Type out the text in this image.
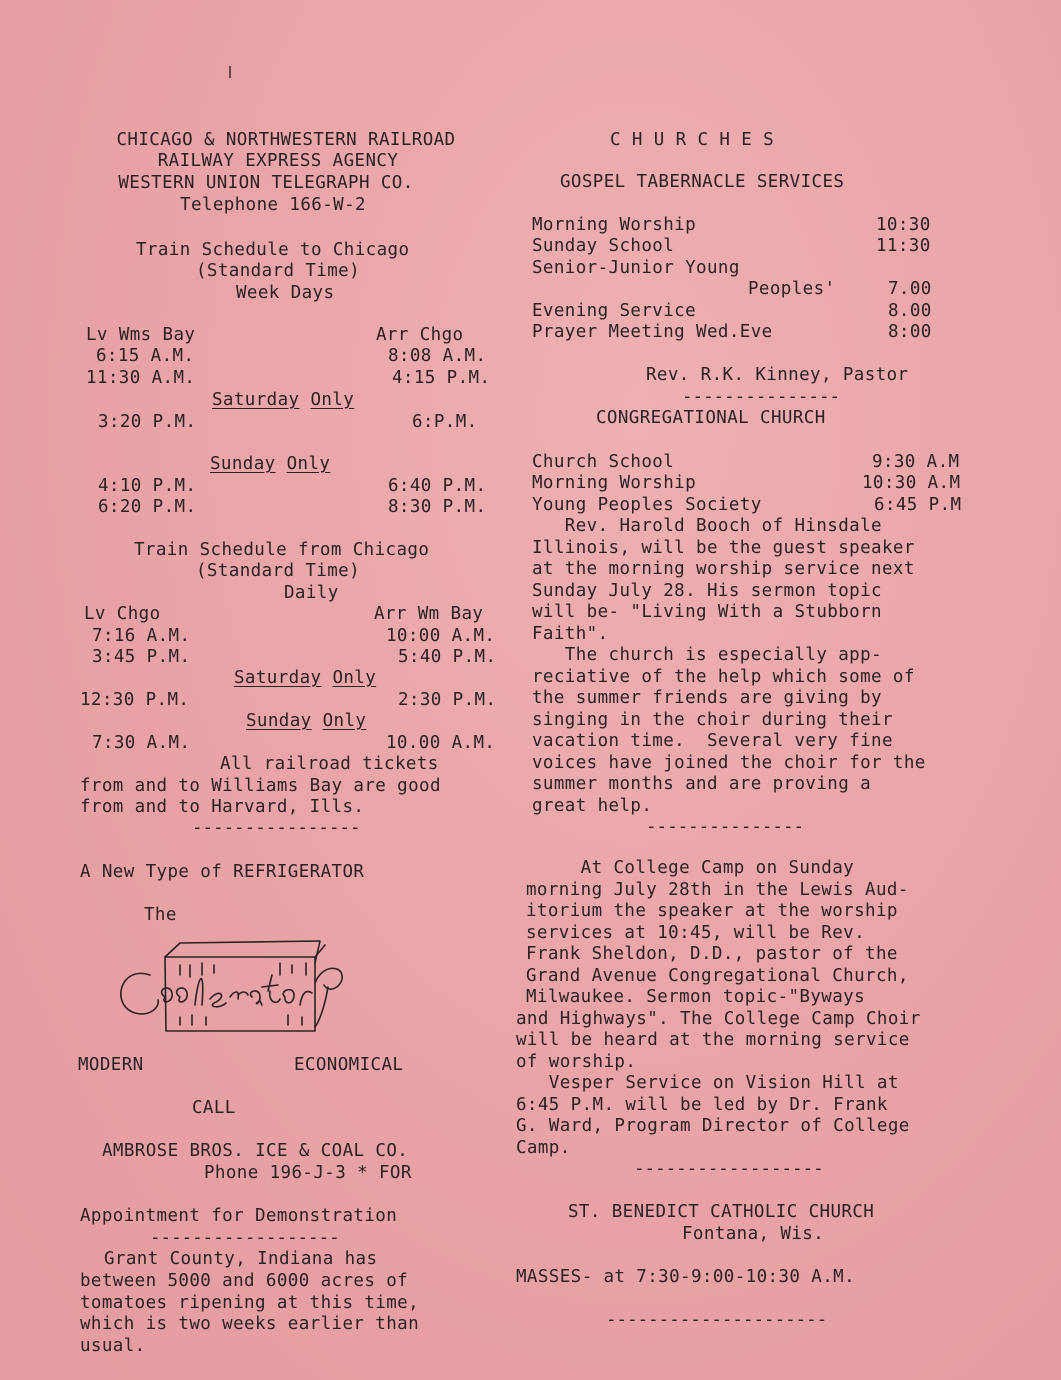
CHICAGO & NORTHWESTERN RAILROAD
RAILWAY EXPRESS AGENCY
WESTERN UNION TELEGRAPH CO.
Telephone 166-W-2
Train Schedule to Chicago
(Standard Time)
Week Days
Lv Wms Bay	Arr Chgo
6:15 A.M.	8:08 A.M.
11:30 A.M.	4:15 P.M.
Saturday Only
3:20 P.M.	6:P.M.
Sunday Only
4:10 P.M.	6:40 P.M.
6:20 P.M.	8:30 P.M.
Train Schedule from Chicago
(Standard Time)
Daily
Lv Chgo	Arr Wm Bay
7:16 A.M.	10:00 A.M.
3:45 P.M.	5:40 P.M.
Saturday Only
12:30 P.M.	2:30 P.M.
Sunday Only
7:30 A.M.	10.00 A.M.
All railroad tickets
from and to Williams Bay are good
from and to Harvard, Ills.
----------------
A New Type of REFRIGERATOR
The
MODERN	ECONOMICAL
CALL
AMBROSE BROS. ICE & COAL CO.
Phone 196-J-3 * FOR
Appointment for Demonstration
------------------
Grant County, Indiana has
between 5000 and 6000 acres of
tomatoes ripening at this time,
which is two weeks earlier than
usual.
C H U R C H E S
GOSPEL TABERNACLE SERVICES
Morning Worship	10:30
Sunday School	11:30
Senior-Junior Young
Peoples'	7.00
Evening Service	8.00
Prayer Meeting Wed.Eve	8:00
Rev. R.K. Kinney, Pastor
---------------
CONGREGATIONAL CHURCH
Church School	9:30 A.M
Morning Worship	10:30 A.M
Young Peoples Society	6:45 P.M
Rev. Harold Booch of Hinsdale
Illinois, will be the guest speaker
at the morning worship service next
Sunday July 28. His sermon topic
will be- "Living With a Stubborn
Faith".
The church is especially app-
reciative of the help which some of
the summer friends are giving by
singing in the choir during their
vacation time.  Several very fine
voices have joined the choir for the
summer months and are proving a
great help.
---------------
At College Camp on Sunday
morning July 28th in the Lewis Aud-
itorium the speaker at the worship
services at 10:45, will be Rev.
Frank Sheldon, D.D., pastor of the
Grand Avenue Congregational Church,
Milwaukee. Sermon topic-"Byways
and Highways". The College Camp Choir
will be heard at the morning service
of worship.
Vesper Service on Vision Hill at
6:45 P.M. will be led by Dr. Frank
G. Ward, Program Director of College
Camp.
------------------
ST. BENEDICT CATHOLIC CHURCH
Fontana, Wis.
MASSES- at 7:30-9:00-10:30 A.M.
---------------------
